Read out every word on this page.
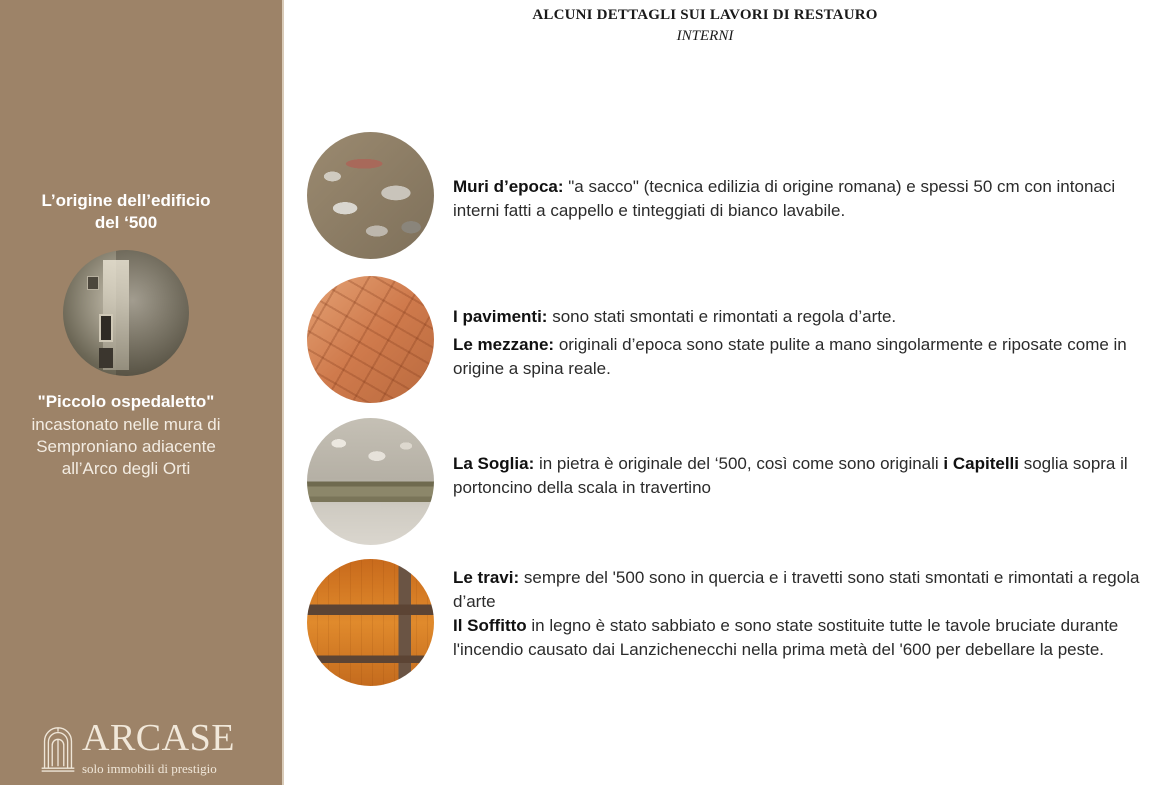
L’origine dell’edificio
del ‘500
"Piccolo ospedaletto"
incastonato nelle mura di
Semproniano adiacente
all’Arco degli Orti
ARCASE
solo immobili di prestigio
ALCUNI DETTAGLI SUI LAVORI DI RESTAURO
INTERNI
Muri d’epoca: "a sacco" (tecnica edilizia di origine romana) e spessi 50 cm con intonaci interni fatti a cappello e tinteggiati di bianco lavabile.
I pavimenti: sono stati smontati e rimontati a regola d’arte.
Le mezzane: originali d’epoca sono state pulite a mano singolarmente e riposate come in origine a spina reale.
La Soglia: in pietra è originale del ‘500, così come sono originali i Capitelli soglia sopra il portoncino della scala in travertino
Le travi: sempre del '500 sono in quercia e i travetti sono stati smontati e rimontati a regola d’arte
Il Soffitto in legno è stato sabbiato e sono state sostituite tutte le tavole bruciate durante l'incendio causato dai Lanzichenecchi nella prima metà del '600 per debellare la peste.
